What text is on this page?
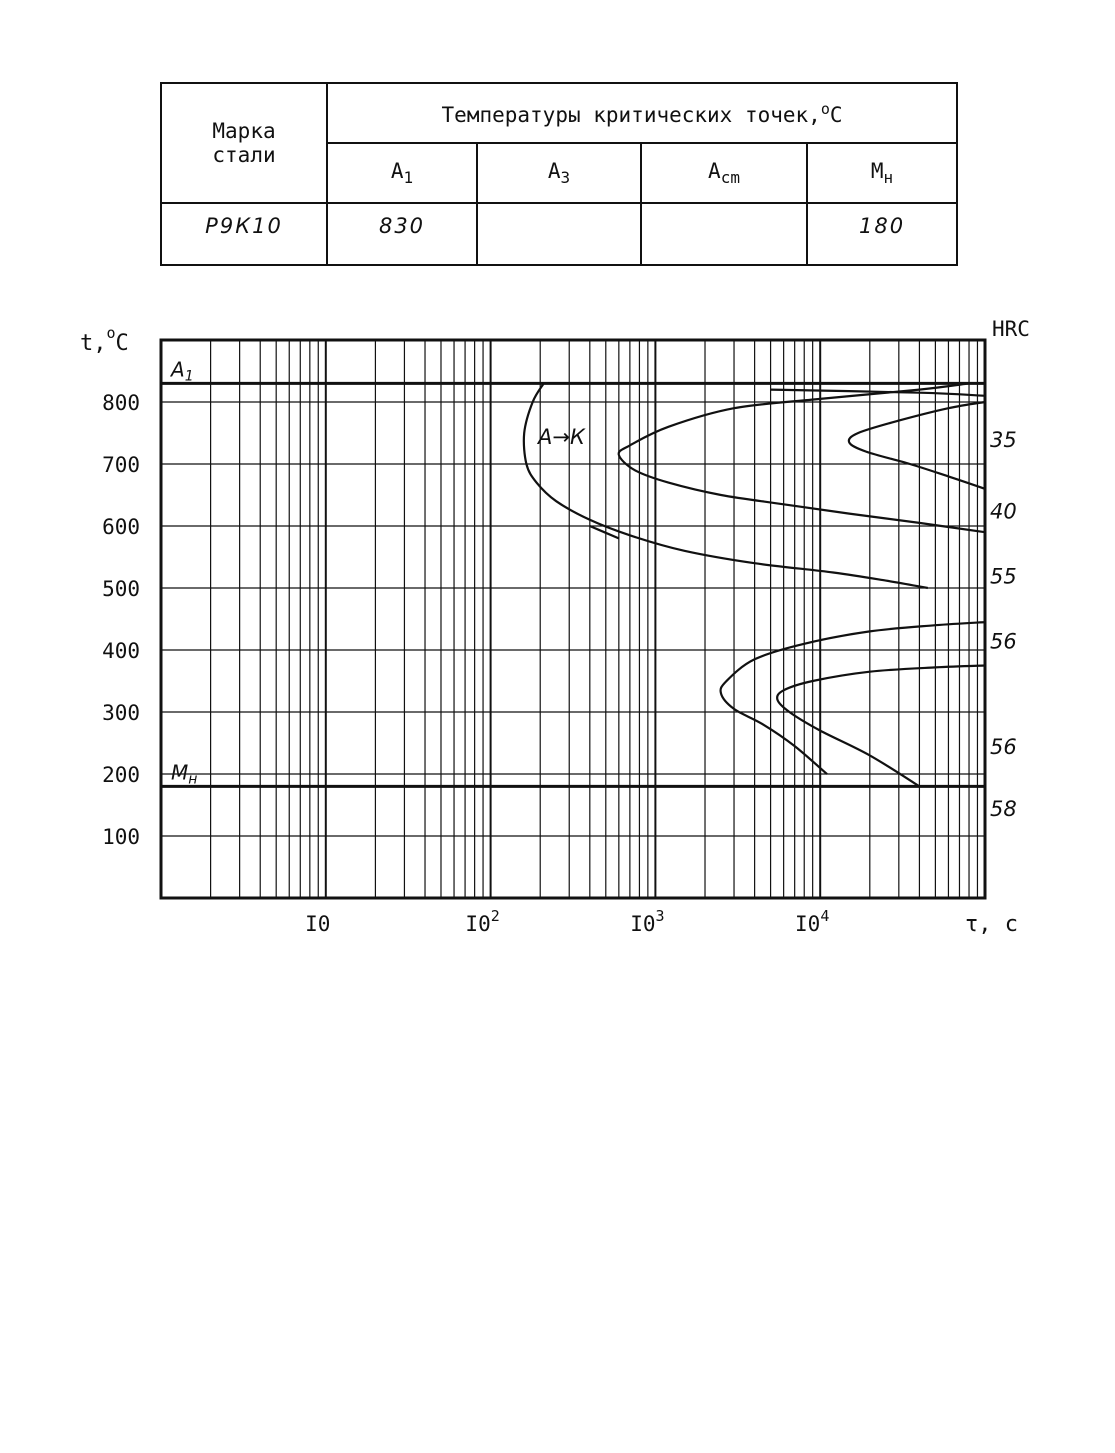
Марка стали	Температуры критических точек,$^о$С			
	$А_1$	$А_3$	$А_{cm}$	$М_н$
Р9К10	830			180
$А_1$
$М_н$
100
200
300
400
500
600
700
800
I0	$I0^2$	$I0^3$	$I0^4$
t,$^о$С
τ, с
HRC
35
40
55
56
56
58
А→К
